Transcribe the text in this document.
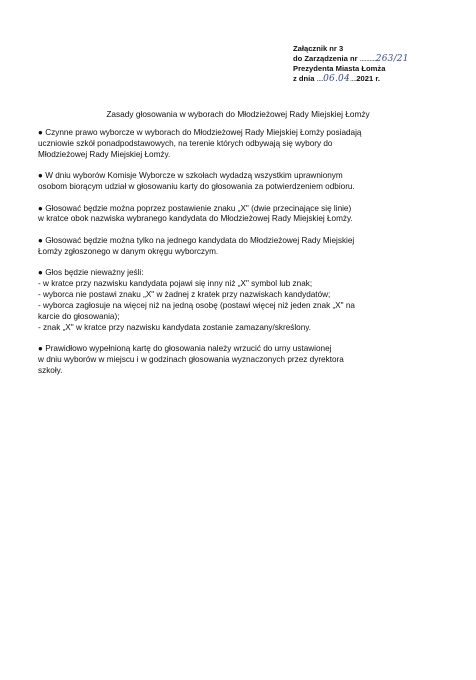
Załącznik nr 3
do Zarządzenia nr ..........263/21
Prezydenta Miasta Łomża
z dnia ....06.04....2021 r.
Zasady głosowania w wyborach do Młodzieżowej Rady Miejskiej Łomży

● Czynne prawo wyborcze w wyborach do Młodzieżowej Rady Miejskiej Łomży posiadają
uczniowie szkół ponadpodstawowych, na terenie których odbywają się wybory do
Młodzieżowej Rady Miejskiej Łomży.

● W dniu wyborów Komisje Wyborcze w szkołach wydadzą wszystkim uprawnionym
osobom biorącym udział w głosowaniu karty do głosowania za potwierdzeniem odbioru.

● Głosować będzie można poprzez postawienie znaku „X" (dwie przecinające się linie)
w kratce obok nazwiska wybranego kandydata do Młodzieżowej Rady Miejskiej Łomży.

● Głosować będzie można tylko na jednego kandydata do Młodzieżowej Rady Miejskiej
Łomży zgłoszonego w danym okręgu wyborczym.

● Głos będzie nieważny jeśli:
- w kratce przy nazwisku kandydata pojawi się inny niż „X" symbol lub znak;
- wyborca nie postawi znaku „X" w żadnej z kratek przy nazwiskach kandydatów;
- wyborca zagłosuje na więcej niż na jedną osobę (postawi więcej niż jeden znak „X" na
karcie do głosowania);
- znak „X" w kratce przy nazwisku kandydata zostanie zamazany/skreślony.

● Prawidłowo wypełnioną kartę do głosowania należy wrzucić do urny ustawionej
w dniu wyborów w miejscu i w godzinach głosowania wyznaczonych przez dyrektora
szkoły.
